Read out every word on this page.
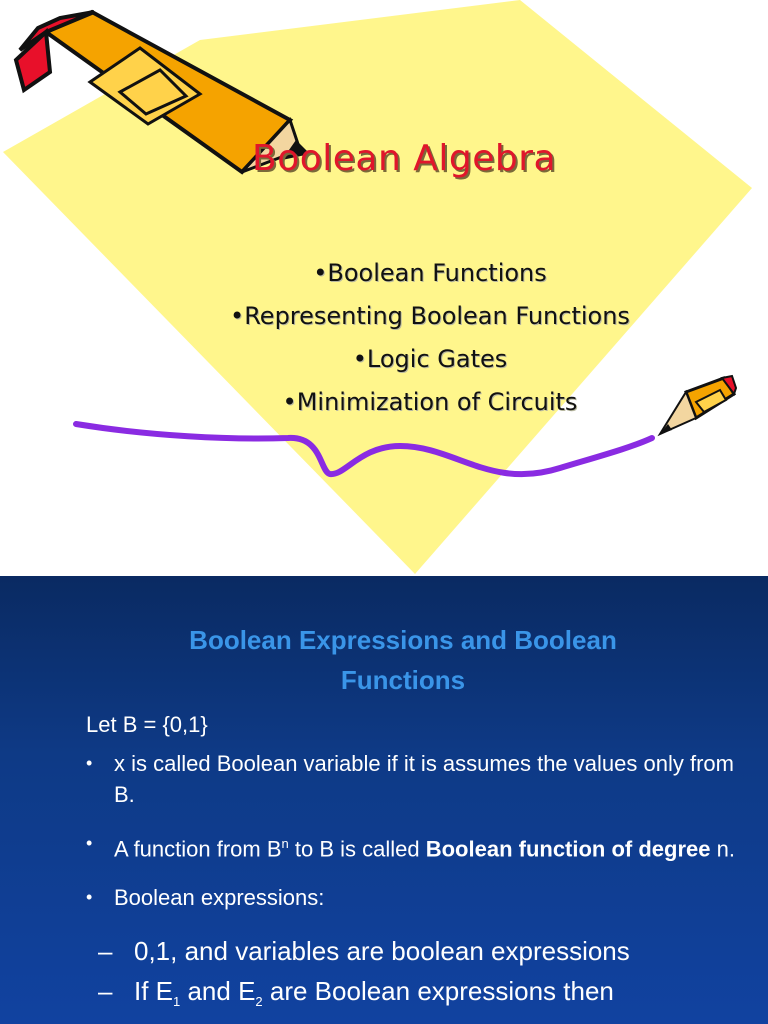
Boolean Algebra
•Boolean Functions
•Representing Boolean Functions
•Logic Gates
•Minimization of Circuits
Boolean Expressions and Boolean
Functions
Let B = {0,1}
• x is called Boolean variable if it is assumes the values only from B.
• A function from $B^n$ to B is called Boolean function of degree n.
• Boolean expressions:
– 0,1, and variables are boolean expressions
– If $E_1$ and $E_2$ are Boolean expressions then
